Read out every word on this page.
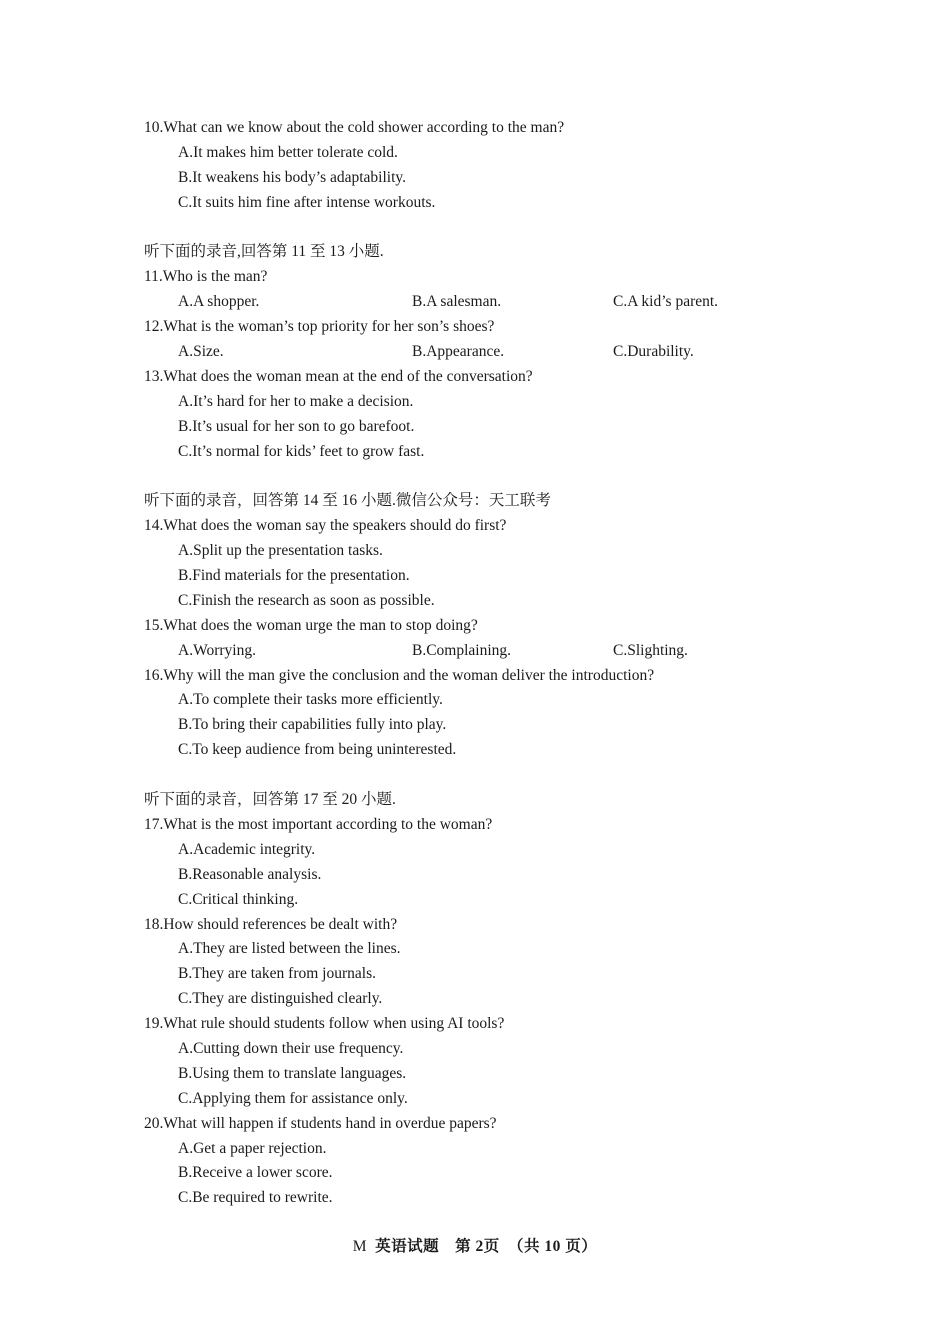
10.What can we know about the cold shower according to the man?
A.It makes him better tolerate cold.
B.It weakens his body’s adaptability.
C.It suits him fine after intense workouts.
听下面的录音,回答第 11 至 13 小题.
11.Who is the man?
A.A shopper.	B.A salesman.	C.A kid’s parent.
12.What is the woman’s top priority for her son’s shoes?
A.Size.	B.Appearance.	C.Durability.
13.What does the woman mean at the end of the conversation?
A.It’s hard for her to make a decision.
B.It’s usual for her son to go barefoot.
C.It’s normal for kids’ feet to grow fast.
听下面的录音，回答第 14 至 16 小题.微信公众号：天工联考
14.What does the woman say the speakers should do first?
A.Split up the presentation tasks.
B.Find materials for the presentation.
C.Finish the research as soon as possible.
15.What does the woman urge the man to stop doing?
A.Worrying.	B.Complaining.	C.Slighting.
16.Why will the man give the conclusion and the woman deliver the introduction?
A.To complete their tasks more efficiently.
B.To bring their capabilities fully into play.
C.To keep audience from being uninterested.
听下面的录音，回答第 17 至 20 小题.
17.What is the most important according to the woman?
A.Academic integrity.
B.Reasonable analysis.
C.Critical thinking.
18.How should references be dealt with?
A.They are listed between the lines.
B.They are taken from journals.
C.They are distinguished clearly.
19.What rule should students follow when using AI tools?
A.Cutting down their use frequency.
B.Using them to translate languages.
C.Applying them for assistance only.
20.What will happen if students hand in overdue papers?
A.Get a paper rejection.
B.Receive a lower score.
C.Be required to rewrite.
M 英语试题　第 2页　（共 10 页）
